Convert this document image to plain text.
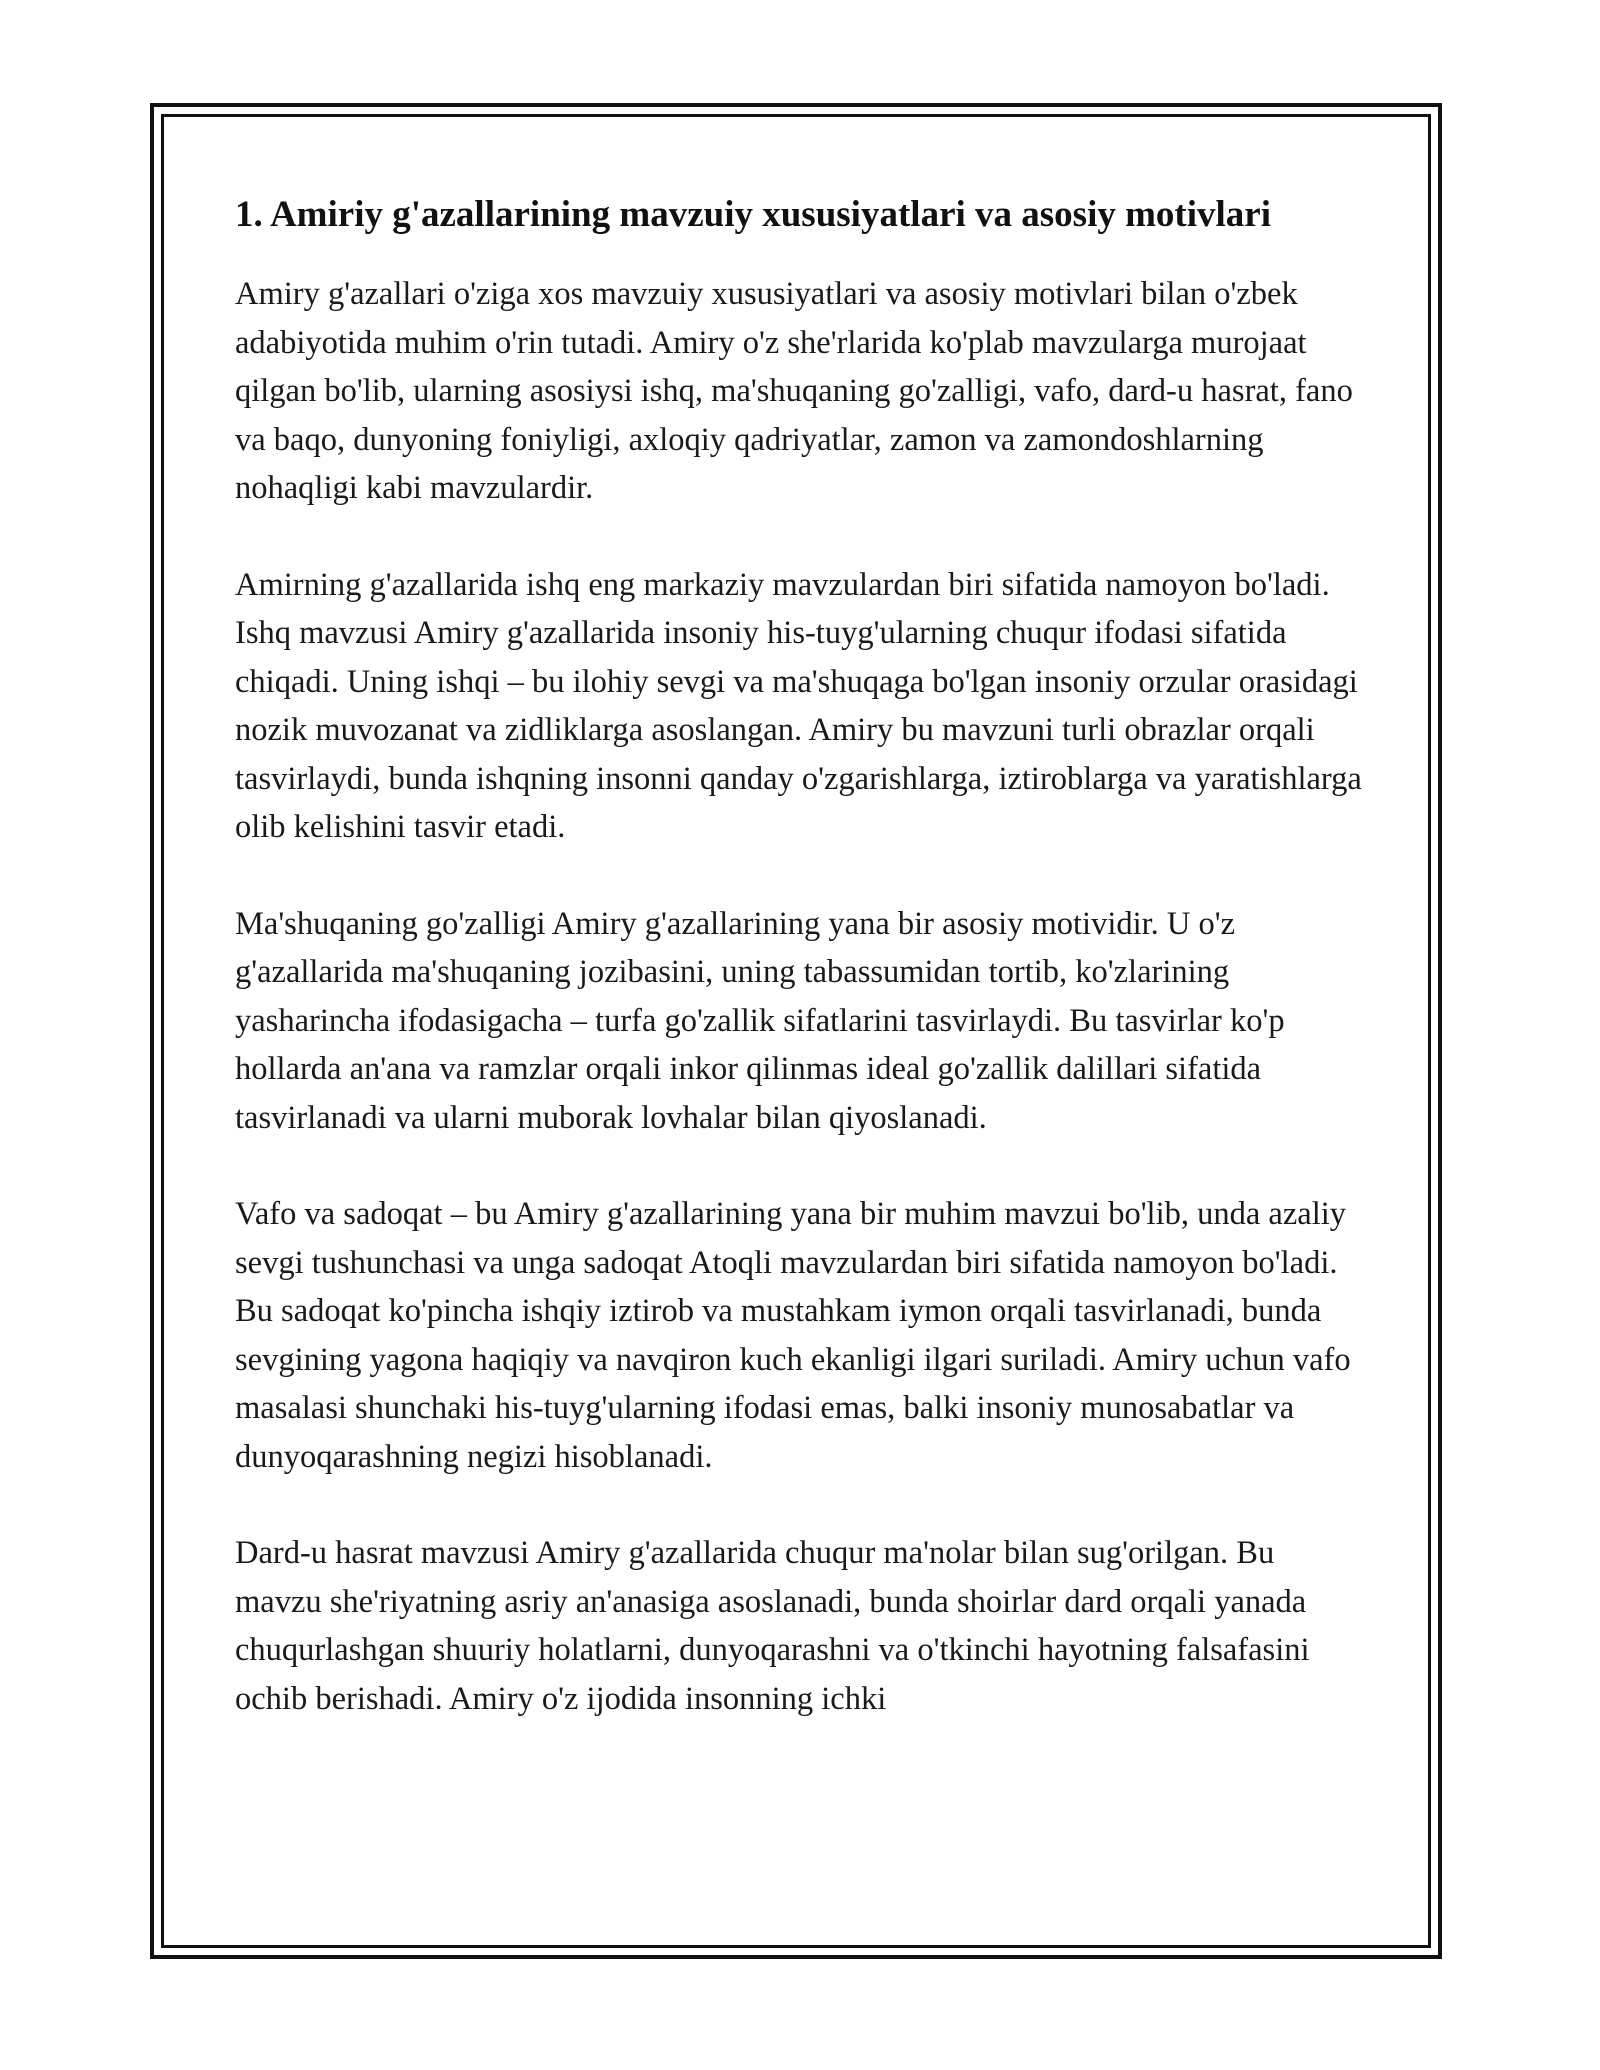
1. Amiriy g'azallarining mavzuiy xususiyatlari va asosiy motivlari

Amiry g'azallari o'ziga xos mavzuiy xususiyatlari va asosiy motivlari bilan o'zbek adabiyotida muhim o'rin tutadi. Amiry o'z she'rlarida ko'plab mavzularga murojaat qilgan bo'lib, ularning asosiysi ishq, ma'shuqaning go'zalligi, vafo, dard-u hasrat, fano va baqo, dunyoning foniyligi, axloqiy qadriyatlar, zamon va zamondoshlarning nohaqligi kabi mavzulardir.

Amirning g'azallarida ishq eng markaziy mavzulardan biri sifatida namoyon bo'ladi. Ishq mavzusi Amiry g'azallarida insoniy his-tuyg'ularning chuqur ifodasi sifatida chiqadi. Uning ishqi – bu ilohiy sevgi va ma'shuqaga bo'lgan insoniy orzular orasidagi nozik muvozanat va zidliklarga asoslangan. Amiry bu mavzuni turli obrazlar orqali tasvirlaydi, bunda ishqning insonni qanday o'zgarishlarga, iztiroblarga va yaratishlarga olib kelishini tasvir etadi.

Ma'shuqaning go'zalligi Amiry g'azallarining yana bir asosiy motividir. U o'z g'azallarida ma'shuqaning jozibasini, uning tabassumidan tortib, ko'zlarining yasharincha ifodasigacha – turfa go'zallik sifatlarini tasvirlaydi. Bu tasvirlar ko'p hollarda an'ana va ramzlar orqali inkor qilinmas ideal go'zallik dalillari sifatida tasvirlanadi va ularni muborak lovhalar bilan qiyoslanadi.

Vafo va sadoqat – bu Amiry g'azallarining yana bir muhim mavzui bo'lib, unda azaliy sevgi tushunchasi va unga sadoqat Atoqli mavzulardan biri sifatida namoyon bo'ladi. Bu sadoqat ko'pincha ishqiy iztirob va mustahkam iymon orqali tasvirlanadi, bunda sevgining yagona haqiqiy va navqiron kuch ekanligi ilgari suriladi. Amiry uchun vafo masalasi shunchaki his-tuyg'ularning ifodasi emas, balki insoniy munosabatlar va dunyoqarashning negizi hisoblanadi.

Dard-u hasrat mavzusi Amiry g'azallarida chuqur ma'nolar bilan sug'orilgan. Bu mavzu she'riyatning asriy an'anasiga asoslanadi, bunda shoirlar dard orqali yanada chuqurlashgan shuuriy holatlarni, dunyoqarashni va o'tkinchi hayotning falsafasini ochib berishadi. Amiry o'z ijodida insonning ichki
